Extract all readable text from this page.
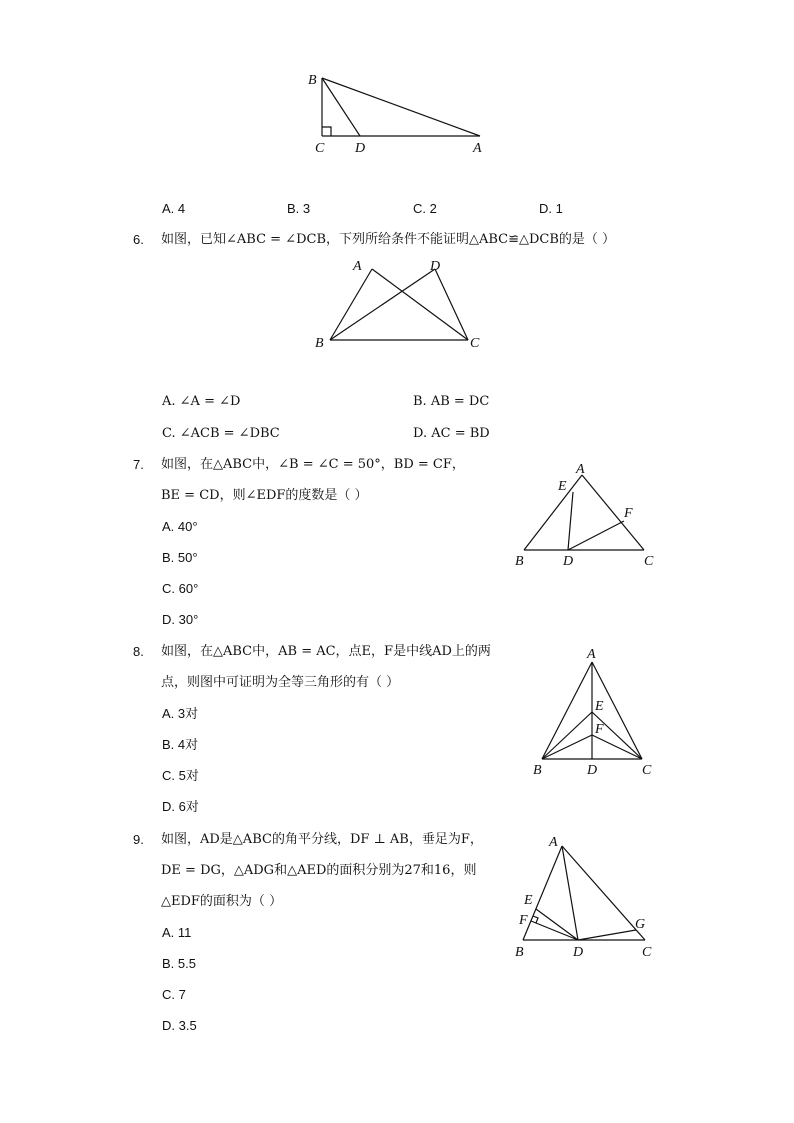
B
C D	A
A. 4	B. 3	C. 2	D. 1
6. 如图，已知∠ABC = ∠DCB，下列所给条件不能证明△ABC≌△DCB的是（ ）
A	D
B	C
A. ∠A = ∠D	B. AB = DC
C. ∠ACB = ∠DBC	D. AC = BD
7. 如图，在△ABC中，∠B = ∠C = 50°，BD = CF，
BE = CD，则∠EDF的度数是（ ）
A. 40°
B. 50°
C. 60°
D. 30°
A
E
F
B	D	C
8. 如图，在△ABC中，AB = AC，点E，F是中线AD上的两
点，则图中可证明为全等三角形的有（ ）
A. 3对
B. 4对
C. 5对
D. 6对
A
E
F
B	D	C
9. 如图，AD是△ABC的角平分线，DF ⊥ AB，垂足为F，
DE = DG，△ADG和△AED的面积分别为27和16，则
△EDF的面积为（ ）
A. 11
B. 5.5
C. 7
D. 3.5
A
E
F	G
B	D	C
